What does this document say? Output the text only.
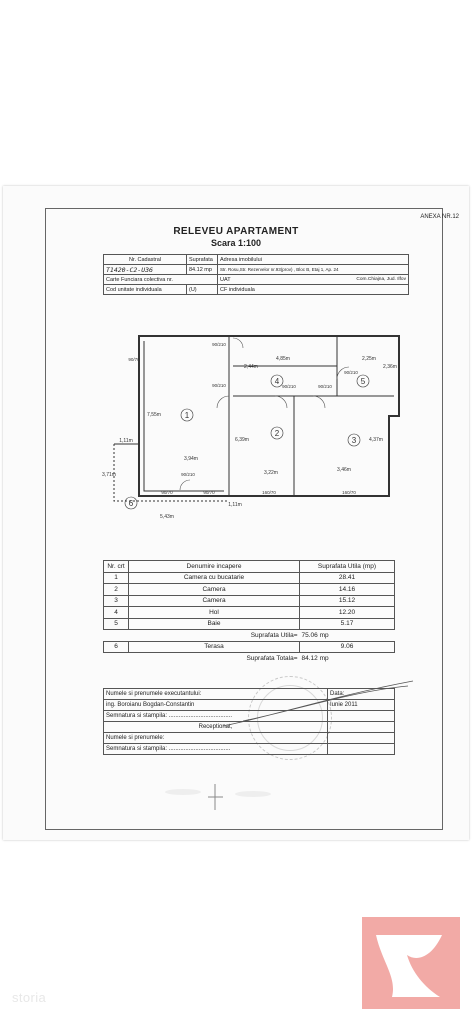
ANEXA NR.12
RELEVEU APARTAMENT
Scara 1:100
Nr. Cadastral	Suprafata	Adresa imobilului
T1420-C2-U36	84.12 mp	Str. Rosu,Str. Rezervelor nr.93(prov) , Bloc B, Etaj 1, Ap. 24
Carte Funciara colectiva nr.		UAT Com.Chiajna, Jud. Ilfov

Cod unitate individuala	(U)	CF individuala
4,85m	2,25m
2,44m	2,36m
7,55m
6,39m	4,37m
3,94m
3,22m	3,46m
1,11m
3,71m
5,43m
1,11m
90/210
90/210	90/210	90/210
90/210
90/210
90/70
90/70	160/70	160/70
90/70
1
2
3
4	5
6
Nr. crt	Denumire incapere	Suprafata Utila (mp)
1	Camera cu bucatarie	28.41
2	Camera	14.16
3	Camera	15.12
4	Hol	12.20
5	Baie	5.17
	Suprafata Utila=	75.06 mp
6	Terasa	9.06
	Suprafata Totala=	84.12 mp
Numele si prenumele executantului:	Data:
ing. Boroianu Bogdan-Constantin	Iunie 2011
Semnatura si stampila: ......................................	
Receptionat,	
Numele si prenumele:	
Semnatura si stampila: .....................................	
storia
